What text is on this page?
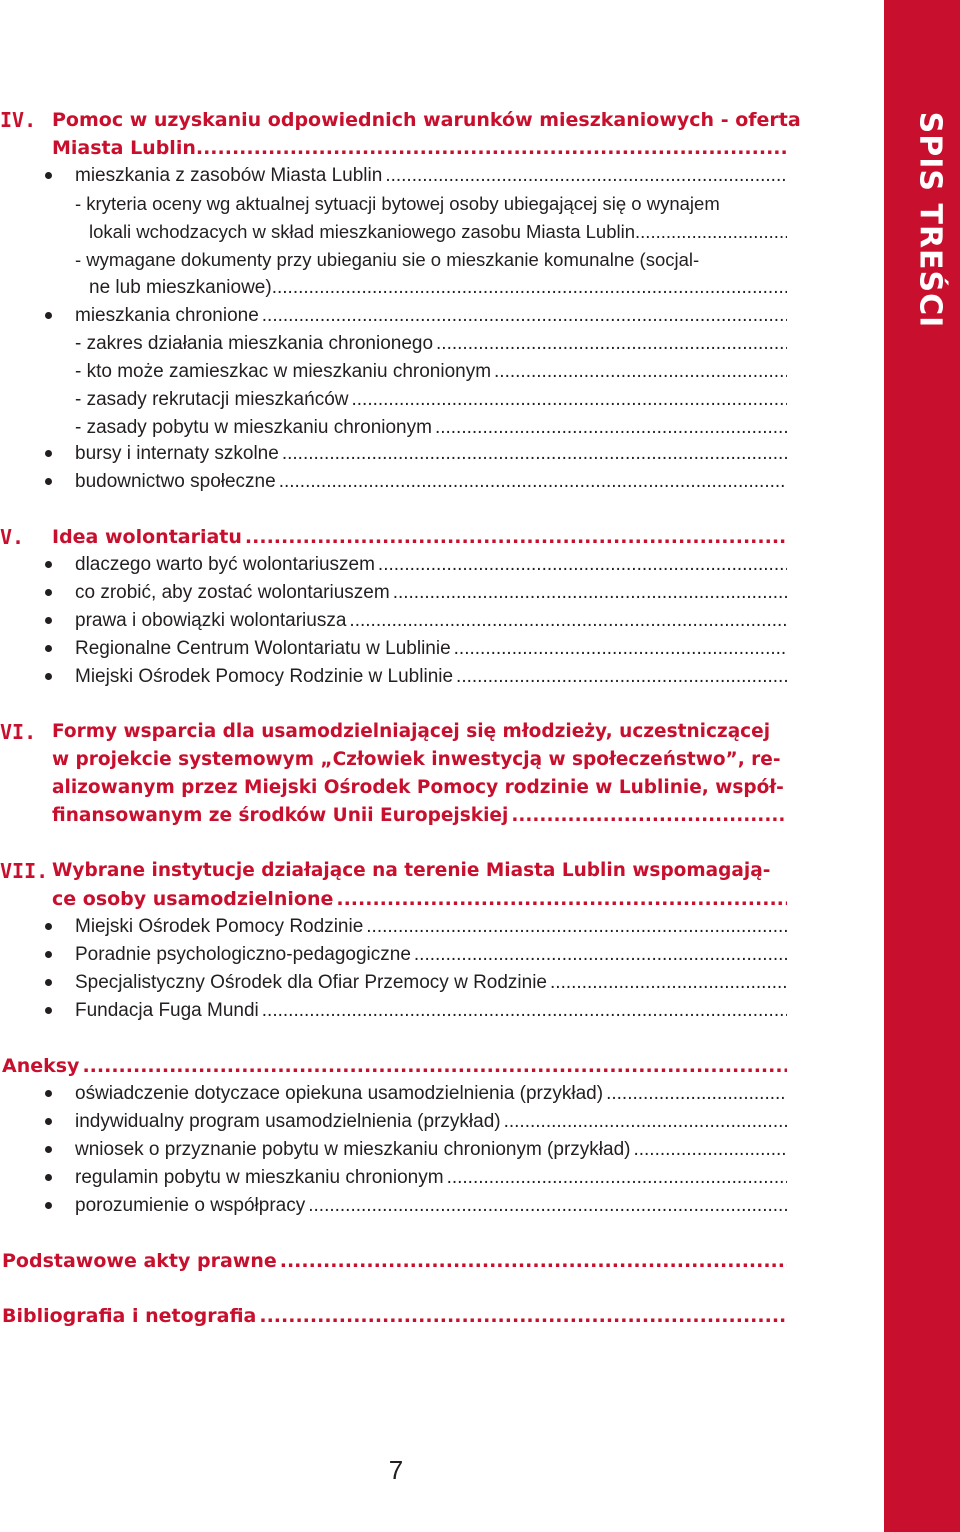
SPIS TREŚCI
IV. Pomoc w uzyskaniu odpowiednich warunków mieszkaniowych - oferta
Miasta Lublin .....
mieszkania z zasobów Miasta Lublin .....
- kryteria oceny wg aktualnej sytuacji bytowej osoby ubiegającej się o wynajem
lokali wchodzacych w skład mieszkaniowego zasobu Miasta Lublin .....
- wymagane dokumenty przy ubieganiu sie o mieszkanie komunalne (socjal-
ne lub mieszkaniowe) .....
mieszkania chronione .....
- zakres działania mieszkania chronionego .....
- kto może zamieszkac w mieszkaniu chronionym .....
- zasady rekrutacji mieszkańców .....
- zasady pobytu w mieszkaniu chronionym .....
bursy i internaty szkolne .....
budownictwo społeczne .....
V. Idea wolontariatu .....
dlaczego warto być wolontariuszem .....
co zrobić, aby zostać wolontariuszem .....
prawa i obowiązki wolontariusza .....
Regionalne Centrum Wolontariatu w Lublinie .....
Miejski Ośrodek Pomocy Rodzinie w Lublinie .....
VI. Formy wsparcia dla usamodzielniającej się młodzieży, uczestniczącej
w projekcie systemowym „Człowiek inwestycją w społeczeństwo”, re-
alizowanym przez Miejski Ośrodek Pomocy rodzinie w Lublinie, współ-
finansowanym ze środków Unii Europejskiej .....
VII. Wybrane instytucje działające na terenie Miasta Lublin wspomagają-
ce osoby usamodzielnione .....
Miejski Ośrodek Pomocy Rodzinie .....
Poradnie psychologiczno-pedagogiczne .....
Specjalistyczny Ośrodek dla Ofiar Przemocy w Rodzinie .....
Fundacja Fuga Mundi .....
Aneksy .....
oświadczenie dotyczace opiekuna usamodzielnienia (przykład) .....
indywidualny program usamodzielnienia (przykład) .....
wniosek o przyznanie pobytu w mieszkaniu chronionym (przykład) .....
regulamin pobytu w mieszkaniu chronionym .....
porozumienie o współpracy .....
Podstawowe akty prawne .....
Bibliografia i netografia .....
7
